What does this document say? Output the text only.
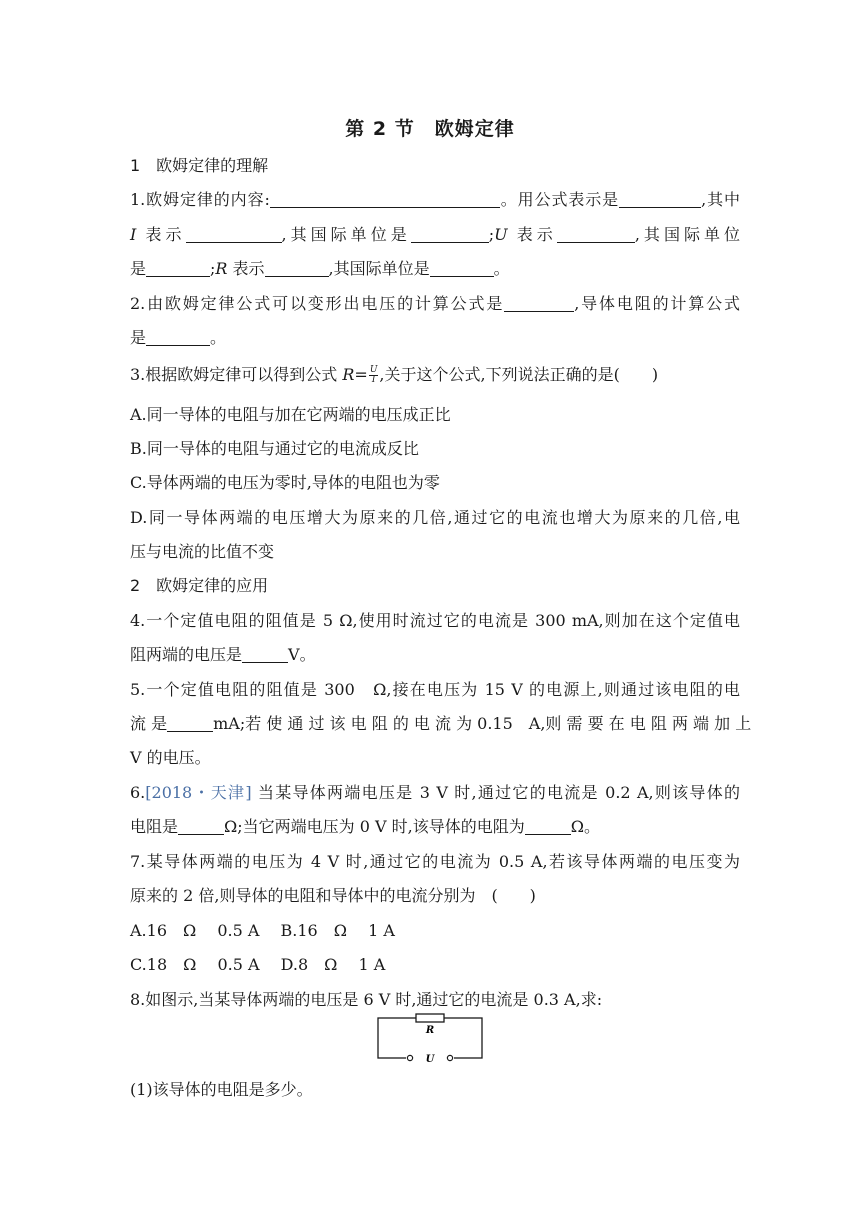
第 2 节　欧姆定律
1　欧姆定律的理解
1.欧姆定律的内容:	。用公式表示是	,其中
I 表示	,其国际单位是	;U 表示	,其国际单位
是	;R 表示	,其国际单位是	。
2.由欧姆定律公式可以变形出电压的计算公式是	,导体电阻的计算公式
是	。
3.根据欧姆定律可以得到公式 $R= \frac{U}{I}$ ,关于这个公式,下列说法正确的是(　　)
A.同一导体的电阻与加在它两端的电压成正比
B.同一导体的电阻与通过它的电流成反比
C.导体两端的电压为零时,导体的电阻也为零
D.同一导体两端的电压增大为原来的几倍,通过它的电流也增大为原来的几倍,电
压与电流的比值不变
2　欧姆定律的应用
4.一个定值电阻的阻值是 5 Ω,使用时流过它的电流是 300 mA,则加在这个定值电
阻两端的电压是	V。
5.一个定值电阻的阻值是 300　Ω,接在电压为 15 V 的电源上,则通过该电阻的电
流 是	mA;若 使 通 过 该 电 阻 的 电 流 为 0.15　A,则 需 要 在 电 阻 两 端 加 上
V 的电压。
6.[2018・天津] 当某导体两端电压是 3 V 时,通过它的电流是 0.2 A,则该导体的
电阻是	Ω;当它两端电压为 0 V 时,该导体的电阻为	Ω。
7.某导体两端的电压为 4 V 时,通过它的电流为 0.5 A,若该导体两端的电压变为
原来的 2 倍,则导体的电阻和导体中的电流分别为　(　　)
A.16　Ω　 0.5 A　 B.16　Ω　 1 A
C.18　Ω　 0.5 A　 D.8　Ω　 1 A
8.如图示,当某导体两端的电压是 6 V 时,通过它的电流是 0.3 A,求:
R
U
(1)该导体的电阻是多少。
